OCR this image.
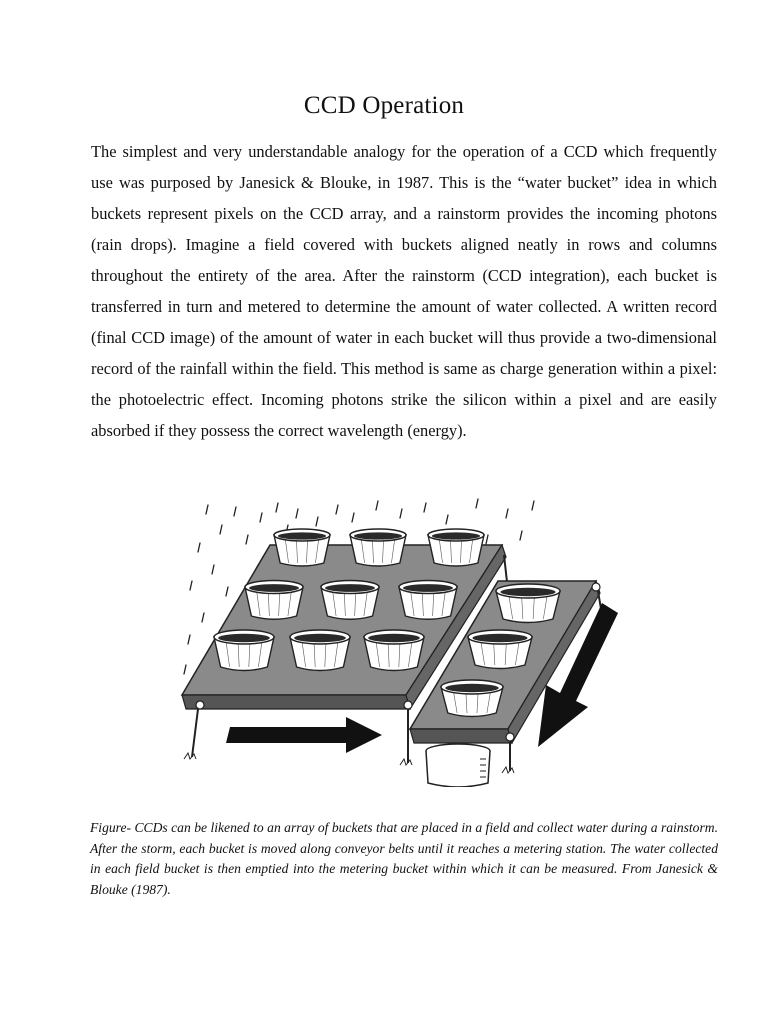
CCD Operation

The simplest and very understandable analogy for the operation of a CCD which frequently use was purposed by Janesick & Blouke, in 1987. This is the “water bucket” idea in which buckets represent pixels on the CCD array, and a rainstorm provides the incoming photons (rain drops). Imagine a field covered with buckets aligned neatly in rows and columns throughout the entirety of the area. After the rainstorm (CCD integration), each bucket is transferred in turn and metered to determine the amount of water collected. A written record (final CCD image) of the amount of water in each bucket will thus provide a two-dimensional record of the rainfall within the field. This method is same as charge generation within a pixel: the photoelectric effect. Incoming photons strike the silicon within a pixel and are easily absorbed if they possess the correct wavelength (energy).

Figure- CCDs can be likened to an array of buckets that are placed in a field and collect water during a rainstorm. After the storm, each bucket is moved along conveyor belts until it reaches a metering station. The water collected in each field bucket is then emptied into the metering bucket within which it can be measured. From Janesick & Blouke (1987).
